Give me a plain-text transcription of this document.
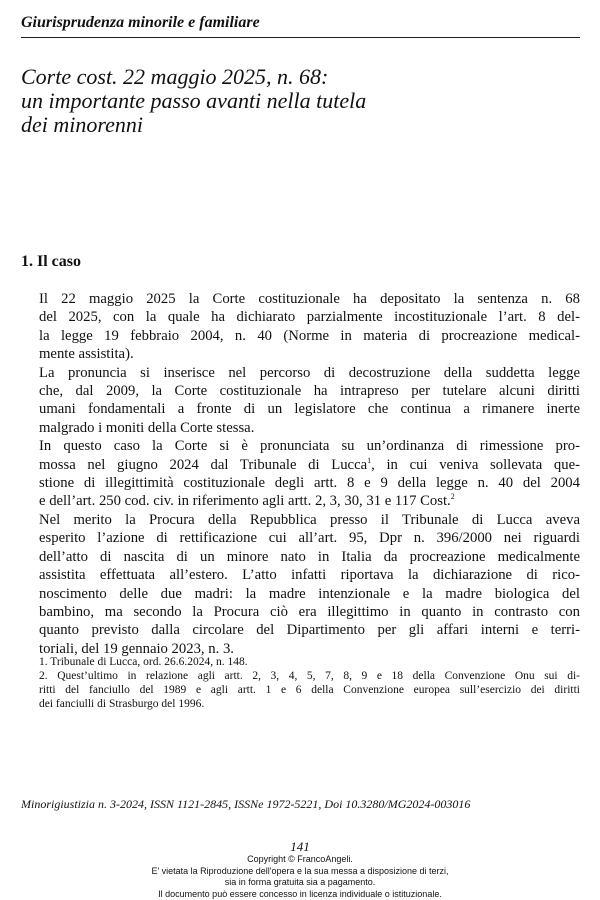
Giurisprudenza minorile e familiare
Corte cost. 22 maggio 2025, n. 68:
un importante passo avanti nella tutela
dei minorenni
1. Il caso
Il 22 maggio 2025 la Corte costituzionale ha depositato la sentenza n. 68
del 2025, con la quale ha dichiarato parzialmente incostituzionale l’art. 8 del-
la legge 19 febbraio 2004, n. 40 (Norme in materia di procreazione medical-
mente assistita).
La pronuncia si inserisce nel percorso di decostruzione della suddetta legge
che, dal 2009, la Corte costituzionale ha intrapreso per tutelare alcuni diritti
umani fondamentali a fronte di un legislatore che continua a rimanere inerte
malgrado i moniti della Corte stessa.
In questo caso la Corte si è pronunciata su un’ordinanza di rimessione pro-
mossa nel giugno 2024 dal Tribunale di Lucca$^1$, in cui veniva sollevata que-
stione di illegittimità costituzionale degli artt. 8 e 9 della legge n. 40 del 2004
e dell’art. 250 cod. civ. in riferimento agli artt. 2, 3, 30, 31 e 117 Cost.$^2$
Nel merito la Procura della Repubblica presso il Tribunale di Lucca aveva
esperito l’azione di rettificazione cui all’art. 95, Dpr n. 396/2000 nei riguardi
dell’atto di nascita di un minore nato in Italia da procreazione medicalmente
assistita effettuata all’estero. L’atto infatti riportava la dichiarazione di rico-
noscimento delle due madri: la madre intenzionale e la madre biologica del
bambino, ma secondo la Procura ciò era illegittimo in quanto in contrasto con
quanto previsto dalla circolare del Dipartimento per gli affari interni e terri-
toriali, del 19 gennaio 2023, n. 3.
1. Tribunale di Lucca, ord. 26.6.2024, n. 148.
2. Quest’ultimo in relazione agli artt. 2, 3, 4, 5, 7, 8, 9 e 18 della Convenzione Onu sui di-
ritti del fanciullo del 1989 e agli artt. 1 e 6 della Convenzione europea sull’esercizio dei diritti
dei fanciulli di Strasburgo del 1996.
Minorigiustizia n. 3-2024, ISSN 1121-2845, ISSNe 1972-5221, Doi 10.3280/MG2024-003016
141
Copyright © FrancoAngeli.
E' vietata la Riproduzione dell'opera e la sua messa a disposizione di terzi,
sia in forma gratuita sia a pagamento.
Il documento può essere concesso in licenza individuale o istituzionale.
